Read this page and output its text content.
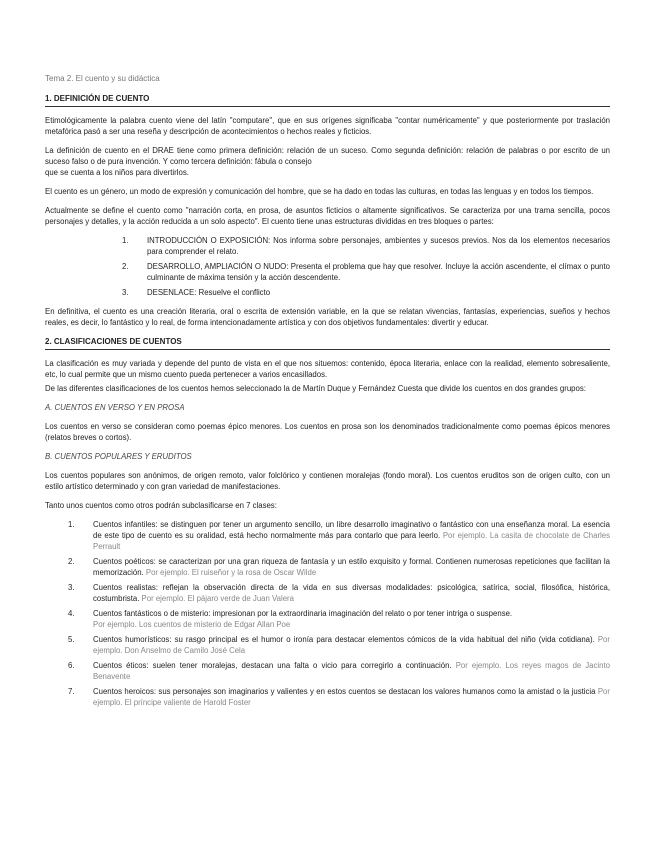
Tema 2. El cuento y su didáctica
1. DEFINICIÓN DE CUENTO

Etimológicamente la palabra cuento viene del latín "computare", que en sus orígenes significaba "contar numéricamente" y que posteriormente por traslación metafórica pasó a ser una reseña y descripción de acontecimientos o hechos reales y ficticios.

La definición de cuento en el DRAE tiene como primera definición: relación de un suceso. Como segunda definición: relación de palabras o por escrito de un suceso falso o de pura invención. Y como tercera definición: fábula o consejo
que se cuenta a los niños para divertirlos.

El cuento es un género, un modo de expresión y comunicación del hombre, que se ha dado en todas las culturas, en todas las lenguas y en todos los tiempos.

Actualmente se define el cuento como "narración corta, en prosa, de asuntos ficticios o altamente significativos. Se caracteriza por una trama sencilla, pocos personajes y detalles, y la acción reducida a un solo aspecto". El cuento tiene unas estructuras divididas en tres bloques o partes:

1.	INTRODUCCIÓN O EXPOSICIÓN: Nos informa sobre personajes, ambientes y sucesos previos. Nos da los elementos necesarios para comprender el relato.
2.	DESARROLLO, AMPLIACIÓN O NUDO: Presenta el problema que hay que resolver. Incluye la acción ascendente, el clímax o punto culminante de máxima tensión y la acción descendente.
3.	DESENLACE: Resuelve el conflicto

En definitiva, el cuento es una creación literaria, oral o escrita de extensión variable, en la que se relatan vivencias, fantasías, experiencias, sueños y hechos reales, es decir, lo fantástico y lo real, de forma intencionadamente artística y con dos objetivos fundamentales: divertir y educar.

2. CLASIFICACIONES DE CUENTOS

La clasificación es muy variada y depende del punto de vista en el que nos situemos: contenido, época literaria, enlace con la realidad, elemento sobresaliente, etc, lo cual permite que un mismo cuento pueda pertenecer a varios encasillados.

De las diferentes clasificaciones de los cuentos hemos seleccionado la de Martín Duque y Fernández Cuesta que divide los cuentos en dos grandes grupos:

A. CUENTOS EN VERSO Y EN PROSA

Los cuentos en verso se consideran como poemas épico menores. Los cuentos en prosa son los denominados tradicionalmente como poemas épicos menores (relatos breves o cortos).

B. CUENTOS POPULARES Y ERUDITOS

Los cuentos populares son anónimos, de origen remoto, valor folclórico y contienen moralejas (fondo moral). Los cuentos eruditos son de origen culto, con un estilo artístico determinado y con gran variedad de manifestaciones.

Tanto unos cuentos como otros podrán subclasificarse en 7 clases:

1.	Cuentos infantiles: se distinguen por tener un argumento sencillo, un libre desarrollo imaginativo o fantástico con una enseñanza moral. La esencia de este tipo de cuento es su oralidad, está hecho normalmente más para contarlo que para leerlo. Por ejemplo. La casita de chocolate de Charles Perrault
2.	Cuentos poéticos: se caracterizan por una gran riqueza de fantasía y un estilo exquisito y formal. Contienen numerosas repeticiones que facilitan la memorización. Por ejemplo. El ruiseñor y la rosa de Oscar Wilde
3.	Cuentos realistas: reflejan la observación directa de la vida en sus diversas modalidades: psicológica, satírica, social, filosófica, histórica, costumbrista. Por ejemplo. El pájaro verde de Juan Valera
4.	Cuentos fantásticos o de misterio: impresionan por la extraordinaria imaginación del relato o por tener intriga o suspense.
Por ejemplo. Los cuentos de misterio de Edgar Allan Poe
5.	Cuentos humorísticos: su rasgo principal es el humor o ironía para destacar elementos cómicos de la vida habitual del niño (vida cotidiana). Por ejemplo. Don Anselmo de Camilo José Cela
6.	Cuentos éticos: suelen tener moralejas, destacan una falta o vicio para corregirlo a continuación. Por ejemplo. Los reyes magos de Jacinto Benavente
7.	Cuentos heroicos: sus personajes son imaginarios y valientes y en estos cuentos se destacan los valores humanos como la amistad o la justicia Por ejemplo. El príncipe valiente de Harold Foster
